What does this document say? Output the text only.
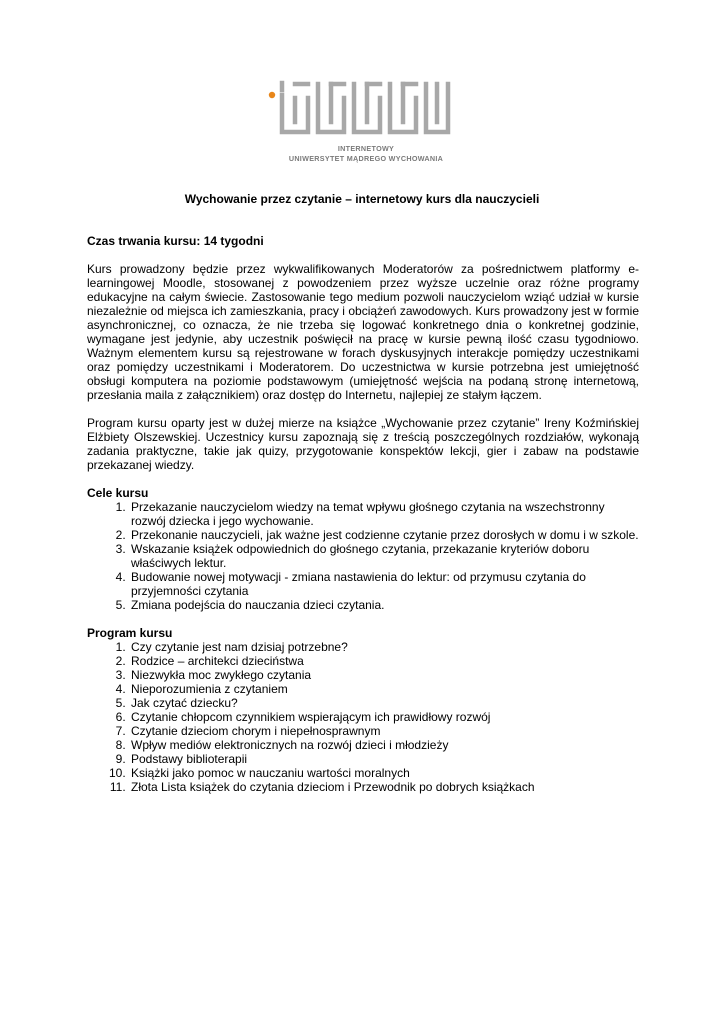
INTERNETOWY
UNIWERSYTET MĄDREGO WYCHOWANIA
Wychowanie przez czytanie – internetowy kurs dla nauczycieli
Czas trwania kursu: 14 tygodni

Kurs prowadzony będzie przez wykwalifikowanych Moderatorów za pośrednictwem platformy e-learningowej Moodle, stosowanej z powodzeniem przez wyższe uczelnie oraz różne programy edukacyjne na całym świecie. Zastosowanie tego medium pozwoli nauczycielom wziąć udział w kursie niezależnie od miejsca ich zamieszkania, pracy i obciążeń zawodowych. Kurs prowadzony jest w formie asynchronicznej, co oznacza, że nie trzeba się logować konkretnego dnia o konkretnej godzinie, wymagane jest jedynie, aby uczestnik poświęcił na pracę w kursie pewną ilość czasu tygodniowo. Ważnym elementem kursu są rejestrowane w forach dyskusyjnych interakcje pomiędzy uczestnikami oraz pomiędzy uczestnikami i Moderatorem. Do uczestnictwa w kursie potrzebna jest umiejętność obsługi komputera na poziomie podstawowym (umiejętność wejścia na podaną stronę internetową, przesłania maila z załącznikiem) oraz dostęp do Internetu, najlepiej ze stałym łączem.

Program kursu oparty jest w dużej mierze na książce „Wychowanie przez czytanie” Ireny Koźmińskiej Elżbiety Olszewskiej. Uczestnicy kursu zapoznają się z treścią poszczególnych rozdziałów, wykonają zadania praktyczne, takie jak quizy, przygotowanie konspektów lekcji, gier i zabaw na podstawie przekazanej wiedzy.

Cele kursu
1. Przekazanie nauczycielom wiedzy na temat wpływu głośnego czytania na wszechstronny rozwój dziecka i jego wychowanie.
2. Przekonanie nauczycieli, jak ważne jest codzienne czytanie przez dorosłych w domu i w szkole.
3. Wskazanie książek odpowiednich do głośnego czytania, przekazanie kryteriów doboru właściwych lektur.
4. Budowanie nowej motywacji - zmiana nastawienia do lektur: od przymusu czytania do przyjemności czytania
5. Zmiana podejścia do nauczania dzieci czytania.
Program kursu
1. Czy czytanie jest nam dzisiaj potrzebne?
2. Rodzice – architekci dzieciństwa
3. Niezwykła moc zwykłego czytania
4. Nieporozumienia z czytaniem
5. Jak czytać dziecku?
6. Czytanie chłopcom czynnikiem wspierającym ich prawidłowy rozwój
7. Czytanie dzieciom chorym i niepełnosprawnym
8. Wpływ mediów elektronicznych na rozwój dzieci i młodzieży
9. Podstawy biblioterapii
10. Książki jako pomoc w nauczaniu wartości moralnych
11. Złota Lista książek do czytania dzieciom i Przewodnik po dobrych książkach
